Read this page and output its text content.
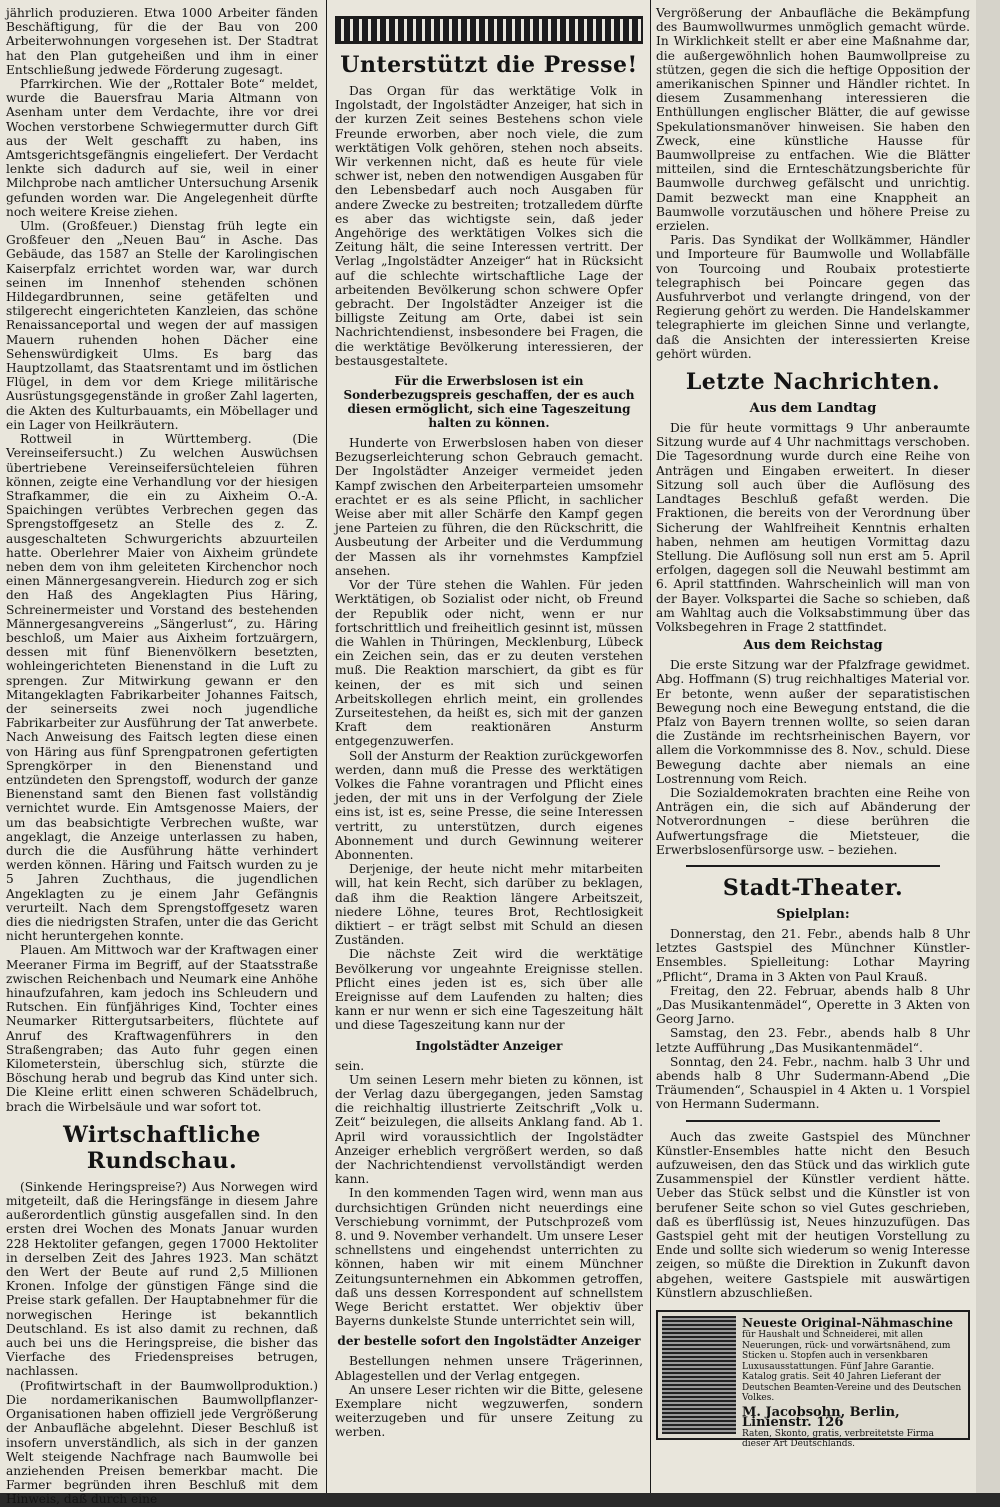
jährlich produzieren. Etwa 1000 Arbeiter fänden Beschäftigung, für die der Bau von 200 Arbeiterwohnungen vorgesehen ist. Der Stadtrat hat den Plan gutgeheißen und ihm in einer Entschließung jedwede Förderung zugesagt.

Pfarrkirchen. Wie der „Rottaler Bote“ meldet, wurde die Bauersfrau Maria Altmann von Asenham unter dem Verdachte, ihre vor drei Wochen verstorbene Schwiegermutter durch Gift aus der Welt geschafft zu haben, ins Amtsgerichtsgefängnis eingeliefert. Der Verdacht lenkte sich dadurch auf sie, weil in einer Milchprobe nach amtlicher Untersuchung Arsenik gefunden worden war. Die Angelegenheit dürfte noch weitere Kreise ziehen.

Ulm. (Großfeuer.) Dienstag früh legte ein Großfeuer den „Neuen Bau“ in Asche. Das Gebäude, das 1587 an Stelle der Karolingischen Kaiserpfalz errichtet worden war, war durch seinen im Innenhof stehenden schönen Hildegardbrunnen, seine getäfelten und stilgerecht eingerichteten Kanzleien, das schöne Renaissanceportal und wegen der auf massigen Mauern ruhenden hohen Dächer eine Sehenswürdigkeit Ulms. Es barg das Hauptzollamt, das Staatsrentamt und im östlichen Flügel, in dem vor dem Kriege militärische Ausrüstungsgegenstände in großer Zahl lagerten, die Akten des Kulturbauamts, ein Möbellager und ein Lager von Heilkräutern.

Rottweil in Württemberg. (Die Vereinseifersucht.) Zu welchen Auswüchsen übertriebene Vereinseifersüchteleien führen können, zeigte eine Verhandlung vor der hiesigen Strafkammer, die ein zu Aixheim O.-A. Spaichingen verübtes Verbrechen gegen das Sprengstoffgesetz an Stelle des z. Z. ausgeschalteten Schwurgerichts abzuurteilen hatte. Oberlehrer Maier von Aixheim gründete neben dem von ihm geleiteten Kirchenchor noch einen Männergesangverein. Hiedurch zog er sich den Haß des Angeklagten Pius Häring, Schreinermeister und Vorstand des bestehenden Männergesangvereins „Sängerlust“, zu. Häring beschloß, um Maier aus Aixheim fortzuärgern, dessen mit fünf Bienenvölkern besetzten, wohleingerichteten Bienenstand in die Luft zu sprengen. Zur Mitwirkung gewann er den Mitangeklagten Fabrikarbeiter Johannes Faitsch, der seinerseits zwei noch jugendliche Fabrikarbeiter zur Ausführung der Tat anwerbete. Nach Anweisung des Faitsch legten diese einen von Häring aus fünf Sprengpatronen gefertigten Sprengkörper in den Bienenstand und entzündeten den Sprengstoff, wodurch der ganze Bienenstand samt den Bienen fast vollständig vernichtet wurde. Ein Amtsgenosse Maiers, der um das beabsichtigte Verbrechen wußte, war angeklagt, die Anzeige unterlassen zu haben, durch die die Ausführung hätte verhindert werden können. Häring und Faitsch wurden zu je 5 Jahren Zuchthaus, die jugendlichen Angeklagten zu je einem Jahr Gefängnis verurteilt. Nach dem Sprengstoffgesetz waren dies die niedrigsten Strafen, unter die das Gericht nicht heruntergehen konnte.

Plauen. Am Mittwoch war der Kraftwagen einer Meeraner Firma im Begriff, auf der Staatsstraße zwischen Reichenbach und Neumark eine Anhöhe hinaufzufahren, kam jedoch ins Schleudern und Rutschen. Ein fünfjähriges Kind, Tochter eines Neumarker Rittergutsarbeiters, flüchtete auf Anruf des Kraftwagenführers in den Straßengraben; das Auto fuhr gegen einen Kilometerstein, überschlug sich, stürzte die Böschung herab und begrub das Kind unter sich. Die Kleine erlitt einen schweren Schädelbruch, brach die Wirbelsäule und war sofort tot.

Wirtschaftliche Rundschau.

(Sinkende Heringspreise?) Aus Norwegen wird mitgeteilt, daß die Heringsfänge in diesem Jahre außerordentlich günstig ausgefallen sind. In den ersten drei Wochen des Monats Januar wurden 228 Hektoliter gefangen, gegen 17000 Hektoliter in derselben Zeit des Jahres 1923. Man schätzt den Wert der Beute auf rund 2,5 Millionen Kronen. Infolge der günstigen Fänge sind die Preise stark gefallen. Der Hauptabnehmer für die norwegischen Heringe ist bekanntlich Deutschland. Es ist also damit zu rechnen, daß auch bei uns die Heringspreise, die bisher das Vierfache des Friedenspreises betrugen, nachlassen.

(Profitwirtschaft in der Baumwollproduktion.) Die nordamerikanischen Baumwollpflanzer-Organisationen haben offiziell jede Vergrößerung der Anbaufläche abgelehnt. Dieser Beschluß ist insofern unverständlich, als sich in der ganzen Welt steigende Nachfrage nach Baumwolle bei anziehenden Preisen bemerkbar macht. Die Farmer begründen ihren Beschluß mit dem Hinweis, daß durch eine

Unterstützt die Presse!

Das Organ für das werktätige Volk in Ingolstadt, der Ingolstädter Anzeiger, hat sich in der kurzen Zeit seines Bestehens schon viele Freunde erworben, aber noch viele, die zum werktätigen Volk gehören, stehen noch abseits. Wir verkennen nicht, daß es heute für viele schwer ist, neben den notwendigen Ausgaben für den Lebensbedarf auch noch Ausgaben für andere Zwecke zu bestreiten; trotzalledem dürfte es aber das wichtigste sein, daß jeder Angehörige des werktätigen Volkes sich die Zeitung hält, die seine Interessen vertritt. Der Verlag „Ingolstädter Anzeiger“ hat in Rücksicht auf die schlechte wirtschaftliche Lage der arbeitenden Bevölkerung schon schwere Opfer gebracht. Der Ingolstädter Anzeiger ist die billigste Zeitung am Orte, dabei ist sein Nachrichtendienst, insbesondere bei Fragen, die die werktätige Bevölkerung interessieren, der bestausgestaltete.

Für die Erwerbslosen ist ein Sonderbezugspreis geschaffen, der es auch diesen ermöglicht, sich eine Tageszeitung halten zu können.

Hunderte von Erwerbslosen haben von dieser Bezugserleichterung schon Gebrauch gemacht. Der Ingolstädter Anzeiger vermeidet jeden Kampf zwischen den Arbeiterparteien umsomehr erachtet er es als seine Pflicht, in sachlicher Weise aber mit aller Schärfe den Kampf gegen jene Parteien zu führen, die den Rückschritt, die Ausbeutung der Arbeiter und die Verdummung der Massen als ihr vornehmstes Kampfziel ansehen.

Vor der Türe stehen die Wahlen. Für jeden Werktätigen, ob Sozialist oder nicht, ob Freund der Republik oder nicht, wenn er nur fortschrittlich und freiheitlich gesinnt ist, müssen die Wahlen in Thüringen, Mecklenburg, Lübeck ein Zeichen sein, das er zu deuten verstehen muß. Die Reaktion marschiert, da gibt es für keinen, der es mit sich und seinen Arbeitskollegen ehrlich meint, ein grollendes Zurseitestehen, da heißt es, sich mit der ganzen Kraft dem reaktionären Ansturm entgegenzuwerfen.

Soll der Ansturm der Reaktion zurückgeworfen werden, dann muß die Presse des werktätigen Volkes die Fahne vorantragen und Pflicht eines jeden, der mit uns in der Verfolgung der Ziele eins ist, ist es, seine Presse, die seine Interessen vertritt, zu unterstützen, durch eigenes Abonnement und durch Gewinnung weiterer Abonnenten.

Derjenige, der heute nicht mehr mitarbeiten will, hat kein Recht, sich darüber zu beklagen, daß ihm die Reaktion längere Arbeitszeit, niedere Löhne, teures Brot, Rechtlosigkeit diktiert – er trägt selbst mit Schuld an diesen Zuständen.

Die nächste Zeit wird die werktätige Bevölkerung vor ungeahnte Ereignisse stellen. Pflicht eines jeden ist es, sich über alle Ereignisse auf dem Laufenden zu halten; dies kann er nur wenn er sich eine Tageszeitung hält und diese Tageszeitung kann nur der

Ingolstädter Anzeiger

sein.

Um seinen Lesern mehr bieten zu können, ist der Verlag dazu übergegangen, jeden Samstag die reichhaltig illustrierte Zeitschrift „Volk u. Zeit“ beizulegen, die allseits Anklang fand. Ab 1. April wird voraussichtlich der Ingolstädter Anzeiger erheblich vergrößert werden, so daß der Nachrichtendienst vervollständigt werden kann.

In den kommenden Tagen wird, wenn man aus durchsichtigen Gründen nicht neuerdings eine Verschiebung vornimmt, der Putschprozeß vom 8. und 9. November verhandelt. Um unsere Leser schnellstens und eingehendst unterrichten zu können, haben wir mit einem Münchner Zeitungsunternehmen ein Abkommen getroffen, daß uns dessen Korrespondent auf schnellstem Wege Bericht erstattet. Wer objektiv über Bayerns dunkelste Stunde unterrichtet sein will,

der bestelle sofort den Ingolstädter Anzeiger

Bestellungen nehmen unsere Trägerinnen, Ablagestellen und der Verlag entgegen.

An unsere Leser richten wir die Bitte, gelesene Exemplare nicht wegzuwerfen, sondern weiterzugeben und für unsere Zeitung zu werben.

Vergrößerung der Anbaufläche die Bekämpfung des Baumwollwurmes unmöglich gemacht würde. In Wirklichkeit stellt er aber eine Maßnahme dar, die außergewöhnlich hohen Baumwollpreise zu stützen, gegen die sich die heftige Opposition der amerikanischen Spinner und Händler richtet. In diesem Zusammenhang interessieren die Enthüllungen englischer Blätter, die auf gewisse Spekulationsmanöver hinweisen. Sie haben den Zweck, eine künstliche Hausse für Baumwollpreise zu entfachen. Wie die Blätter mitteilen, sind die Ernteschätzungsberichte für Baumwolle durchweg gefälscht und unrichtig. Damit bezweckt man eine Knappheit an Baumwolle vorzutäuschen und höhere Preise zu erzielen.

Paris. Das Syndikat der Wollkämmer, Händler und Importeure für Baumwolle und Wollabfälle von Tourcoing und Roubaix protestierte telegraphisch bei Poincare gegen das Ausfuhrverbot und verlangte dringend, von der Regierung gehört zu werden. Die Handelskammer telegraphierte im gleichen Sinne und verlangte, daß die Ansichten der interessierten Kreise gehört würden.

Letzte Nachrichten.
Aus dem Landtag

Die für heute vormittags 9 Uhr anberaumte Sitzung wurde auf 4 Uhr nachmittags verschoben. Die Tagesordnung wurde durch eine Reihe von Anträgen und Eingaben erweitert. In dieser Sitzung soll auch über die Auflösung des Landtages Beschluß gefaßt werden. Die Fraktionen, die bereits von der Verordnung über Sicherung der Wahlfreiheit Kenntnis erhalten haben, nehmen am heutigen Vormittag dazu Stellung. Die Auflösung soll nun erst am 5. April erfolgen, dagegen soll die Neuwahl bestimmt am 6. April stattfinden. Wahrscheinlich will man von der Bayer. Volkspartei die Sache so schieben, daß am Wahltag auch die Volksabstimmung über das Volksbegehren in Frage 2 stattfindet.

Aus dem Reichstag

Die erste Sitzung war der Pfalzfrage gewidmet. Abg. Hoffmann (S) trug reichhaltiges Material vor. Er betonte, wenn außer der separatistischen Bewegung noch eine Bewegung entstand, die die Pfalz von Bayern trennen wollte, so seien daran die Zustände im rechtsrheinischen Bayern, vor allem die Vorkommnisse des 8. Nov., schuld. Diese Bewegung dachte aber niemals an eine Lostrennung vom Reich.

Die Sozialdemokraten brachten eine Reihe von Anträgen ein, die sich auf Abänderung der Notverordnungen – diese berühren die Aufwertungsfrage die Mietsteuer, die Erwerbslosenfürsorge usw. – beziehen.

Stadt-Theater.
Spielplan:

Donnerstag, den 21. Febr., abends halb 8 Uhr letztes Gastspiel des Münchner Künstler-Ensembles. Spielleitung: Lothar Mayring „Pflicht“, Drama in 3 Akten von Paul Krauß.

Freitag, den 22. Februar, abends halb 8 Uhr „Das Musikantenmädel“, Operette in 3 Akten von Georg Jarno.

Samstag, den 23. Febr., abends halb 8 Uhr letzte Aufführung „Das Musikantenmädel“.

Sonntag, den 24. Febr., nachm. halb 3 Uhr und abends halb 8 Uhr Sudermann-Abend „Die Träumenden“, Schauspiel in 4 Akten u. 1 Vorspiel von Hermann Sudermann.

Auch das zweite Gastspiel des Münchner Künstler-Ensembles hatte nicht den Besuch aufzuweisen, den das Stück und das wirklich gute Zusammenspiel der Künstler verdient hätte. Ueber das Stück selbst und die Künstler ist von berufener Seite schon so viel Gutes geschrieben, daß es überflüssig ist, Neues hinzuzufügen. Das Gastspiel geht mit der heutigen Vorstellung zu Ende und sollte sich wiederum so wenig Interesse zeigen, so müßte die Direktion in Zukunft davon abgehen, weitere Gastspiele mit auswärtigen Künstlern abzuschließen.

Neueste Original-Nähmaschine
für Haushalt und Schneiderei, mit allen Neuerungen, rück- und vorwärtsnähend, zum Sticken u. Stopfen auch in versenkbaren Luxusausstattungen. Fünf Jahre Garantie. Katalog gratis. Seit 40 Jahren Lieferant der Deutschen Beamten-Vereine und des Deutschen Volkes.
M. Jacobsohn, Berlin, Linienstr. 126
Raten, Skonto, gratis, verbreitetste Firma dieser Art Deutschlands.
